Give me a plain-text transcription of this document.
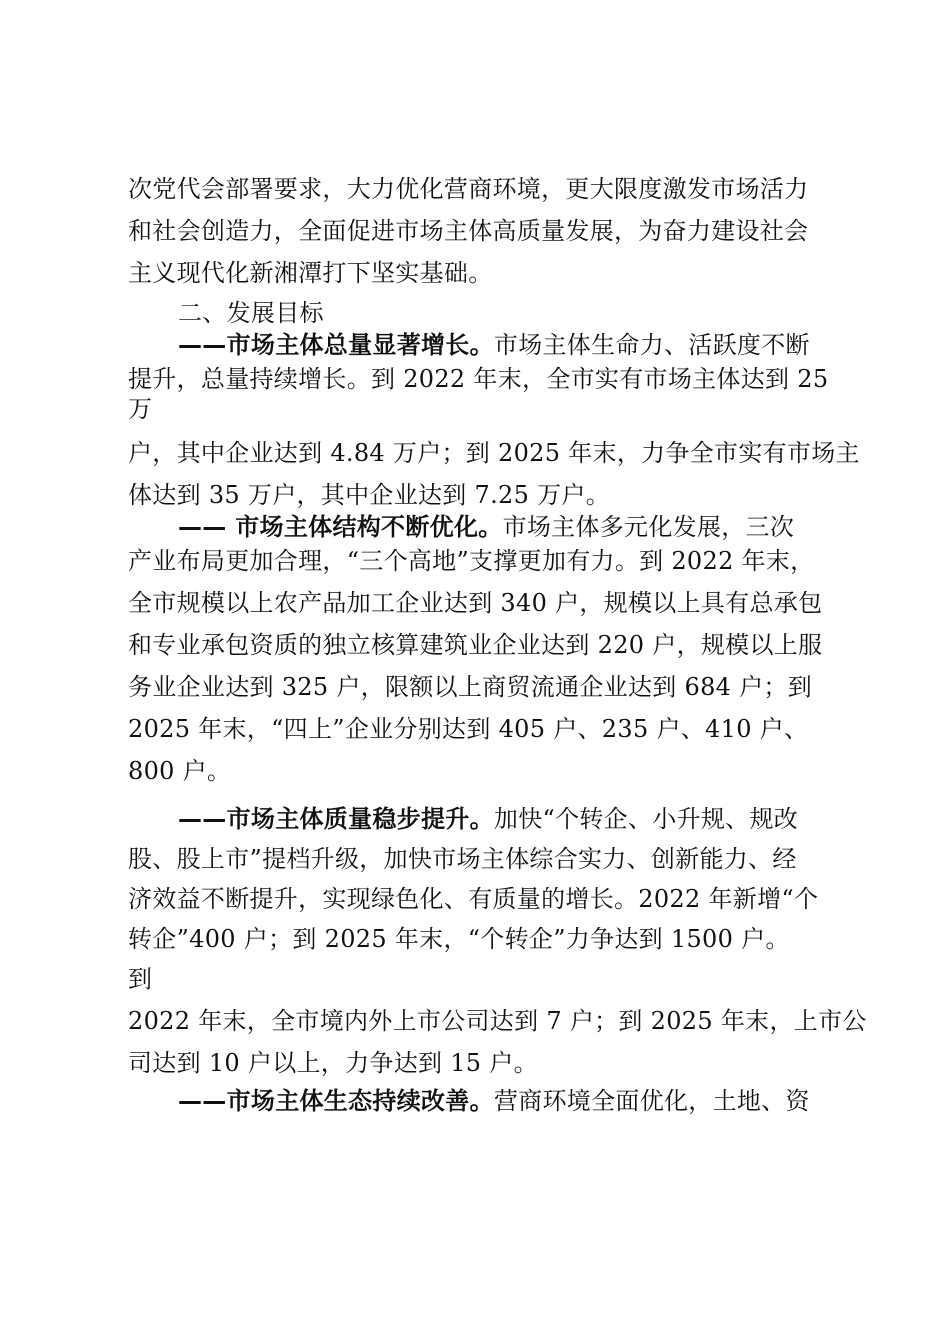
次党代会部署要求，大力优化营商环境，更大限度激发市场活力
和社会创造力，全面促进市场主体高质量发展，为奋力建设社会
主义现代化新湘潭打下坚实基础。
二、发展目标
——市场主体总量显著增长。市场主体生命力、活跃度不断
提升，总量持续增长。到 2022 年末，全市实有市场主体达到 25
万
户，其中企业达到 4.84 万户；到 2025 年末，力争全市实有市场主
体达到 35 万户，其中企业达到 7.25 万户。
—— 市场主体结构不断优化。市场主体多元化发展，三次
产业布局更加合理，“三个高地”支撑更加有力。到 2022 年末，
全市规模以上农产品加工企业达到 340 户，规模以上具有总承包
和专业承包资质的独立核算建筑业企业达到 220 户，规模以上服
务业企业达到 325 户，限额以上商贸流通企业达到 684 户；到
2025 年末，“四上”企业分别达到 405 户、235 户、410 户、
800 户。
——市场主体质量稳步提升。加快“个转企、小升规、规改
股、股上市”提档升级，加快市场主体综合实力、创新能力、经
济效益不断提升，实现绿色化、有质量的增长。2022 年新增“个
转企”400 户；到 2025 年末，“个转企”力争达到 1500 户。
到
2022 年末，全市境内外上市公司达到 7 户；到 2025 年末，上市公
司达到 10 户以上，力争达到 15 户。
——市场主体生态持续改善。营商环境全面优化，土地、资
